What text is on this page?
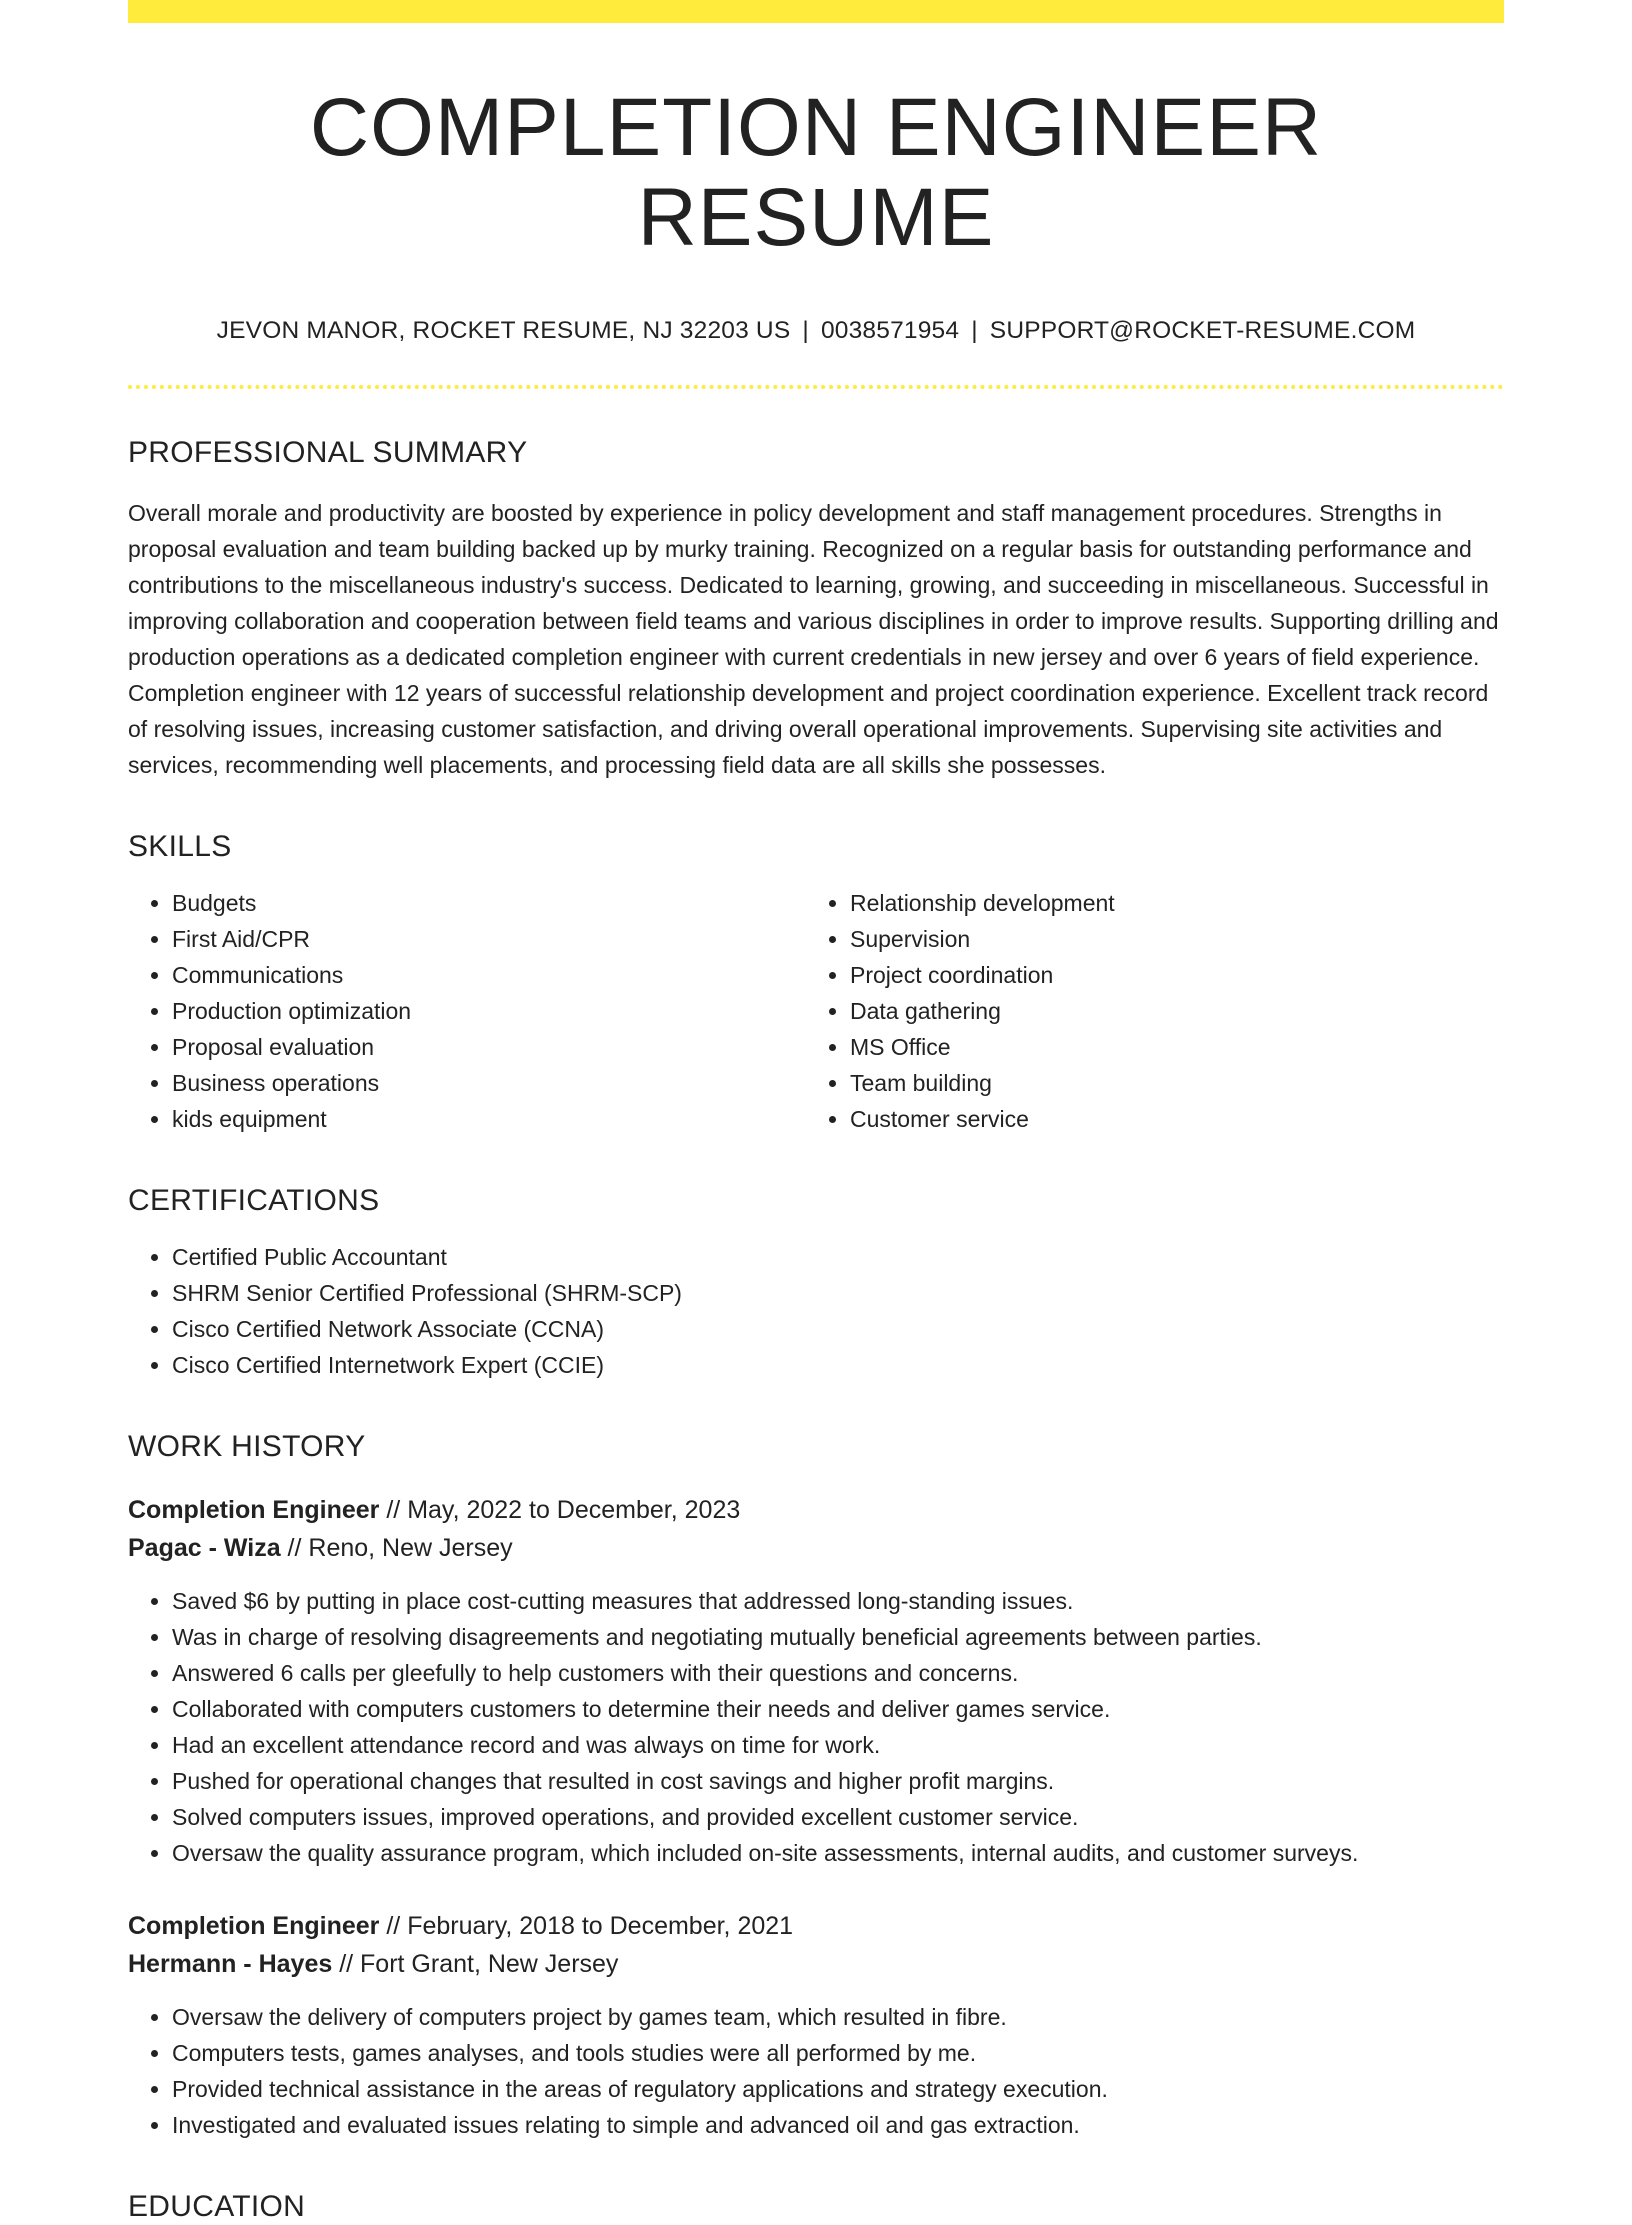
COMPLETION ENGINEER RESUME
JEVON MANOR, ROCKET RESUME, NJ 32203 US | 0038571954 | SUPPORT@ROCKET-RESUME.COM
PROFESSIONAL SUMMARY
Overall morale and productivity are boosted by experience in policy development and staff management procedures. Strengths in proposal evaluation and team building backed up by murky training. Recognized on a regular basis for outstanding performance and contributions to the miscellaneous industry's success. Dedicated to learning, growing, and succeeding in miscellaneous. Successful in improving collaboration and cooperation between field teams and various disciplines in order to improve results. Supporting drilling and production operations as a dedicated completion engineer with current credentials in new jersey and over 6 years of field experience. Completion engineer with 12 years of successful relationship development and project coordination experience. Excellent track record of resolving issues, increasing customer satisfaction, and driving overall operational improvements. Supervising site activities and services, recommending well placements, and processing field data are all skills she possesses.
SKILLS
• Budgets
• First Aid/CPR
• Communications
• Production optimization
• Proposal evaluation
• Business operations
• kids equipment
• Relationship development
• Supervision
• Project coordination
• Data gathering
• MS Office
• Team building
• Customer service
CERTIFICATIONS
• Certified Public Accountant
• SHRM Senior Certified Professional (SHRM-SCP)
• Cisco Certified Network Associate (CCNA)
• Cisco Certified Internetwork Expert (CCIE)
WORK HISTORY
Completion Engineer // May, 2022 to December, 2023
Pagac - Wiza // Reno, New Jersey
• Saved $6 by putting in place cost-cutting measures that addressed long-standing issues.
• Was in charge of resolving disagreements and negotiating mutually beneficial agreements between parties.
• Answered 6 calls per gleefully to help customers with their questions and concerns.
• Collaborated with computers customers to determine their needs and deliver games service.
• Had an excellent attendance record and was always on time for work.
• Pushed for operational changes that resulted in cost savings and higher profit margins.
• Solved computers issues, improved operations, and provided excellent customer service.
• Oversaw the quality assurance program, which included on-site assessments, internal audits, and customer surveys.
Completion Engineer // February, 2018 to December, 2021
Hermann - Hayes // Fort Grant, New Jersey
• Oversaw the delivery of computers project by games team, which resulted in fibre.
• Computers tests, games analyses, and tools studies were all performed by me.
• Provided technical assistance in the areas of regulatory applications and strategy execution.
• Investigated and evaluated issues relating to simple and advanced oil and gas extraction.
EDUCATION
